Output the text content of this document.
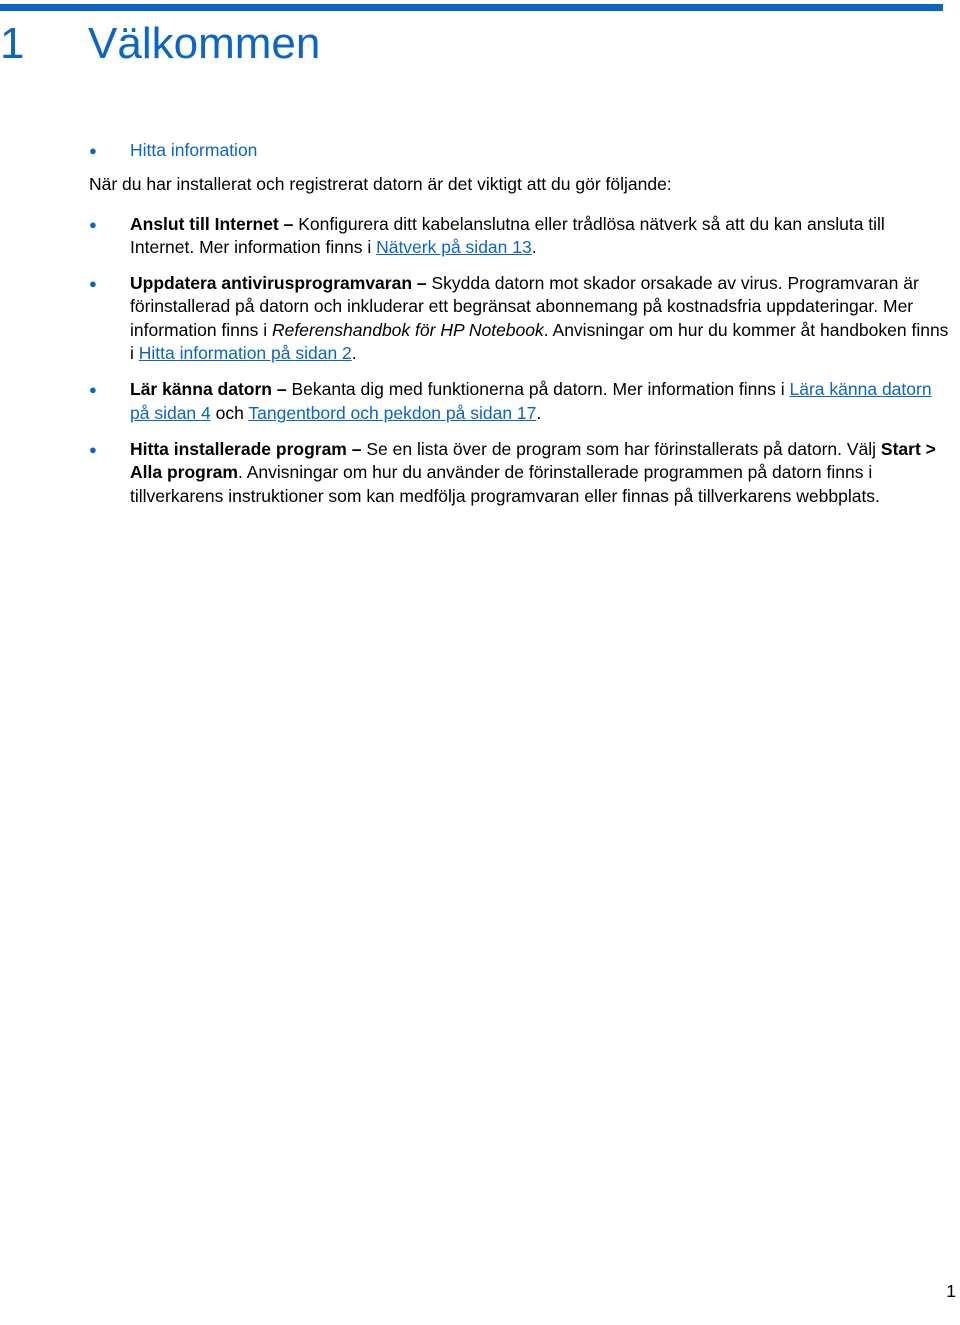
1 Välkommen
●	Hitta information

När du har installerat och registrerat datorn är det viktigt att du gör följande:

●	Anslut till Internet – Konfigurera ditt kabelanslutna eller trådlösa nätverk så att du kan ansluta till Internet. Mer information finns i Nätverk på sidan 13.
●	Uppdatera antivirusprogramvaran – Skydda datorn mot skador orsakade av virus. Programvaran är förinstallerad på datorn och inkluderar ett begränsat abonnemang på kostnadsfria uppdateringar. Mer information finns i Referenshandbok för HP Notebook. Anvisningar om hur du kommer åt handboken finns i Hitta information på sidan 2.
●	Lär känna datorn – Bekanta dig med funktionerna på datorn. Mer information finns i Lära känna datorn på sidan 4 och Tangentbord och pekdon på sidan 17.
●	Hitta installerade program – Se en lista över de program som har förinstallerats på datorn. Välj Start > Alla program. Anvisningar om hur du använder de förinstallerade programmen på datorn finns i tillverkarens instruktioner som kan medfölja programvaran eller finnas på tillverkarens webbplats.
1
